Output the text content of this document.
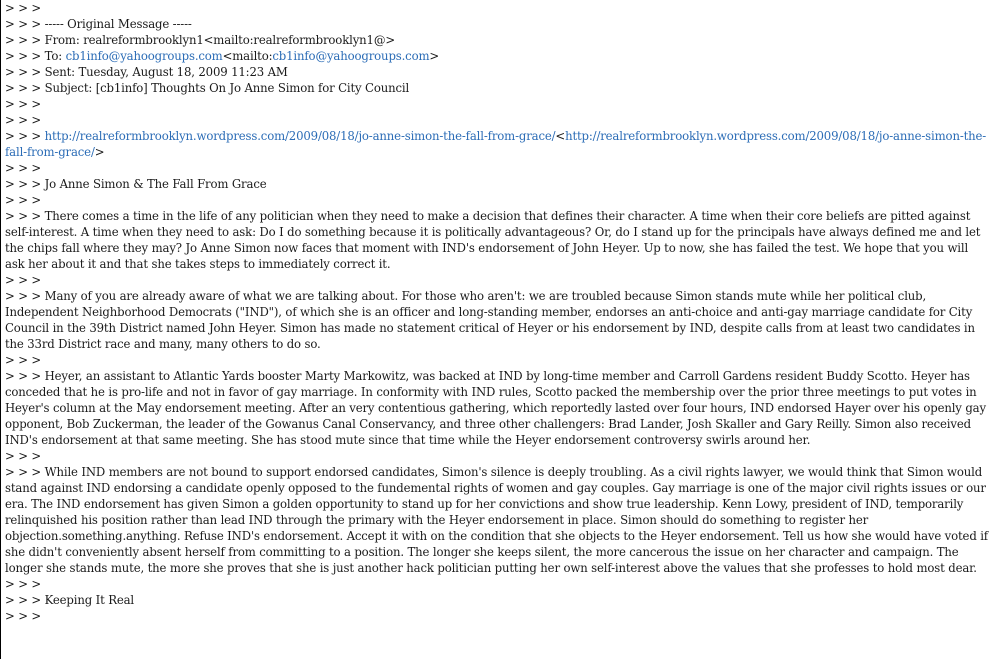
> > >

> > > ----- Original Message -----

> > > From: realreformbrooklyn1<mailto:realreformbrooklyn1@>

> > > To: cb1info@yahoogroups.com<mailto:cb1info@yahoogroups.com>

> > > Sent: Tuesday, August 18, 2009 11:23 AM

> > > Subject: [cb1info] Thoughts On Jo Anne Simon for City Council

> > >

> > >

> > > http://realreformbrooklyn.wordpress.com/2009/08/18/jo-anne-simon-the-fall-from-grace/<http://realreformbrooklyn.wordpress.com/2009/08/18/jo-anne-simon-the-fall-from-grace/>

> > >

> > > Jo Anne Simon & The Fall From Grace

> > >

> > > There comes a time in the life of any politician when they need to make a decision that defines their character. A time when their core beliefs are pitted against self-interest. A time when they need to ask: Do I do something because it is politically advantageous? Or, do I stand up for the principals have always defined me and let the chips fall where they may? Jo Anne Simon now faces that moment with IND's endorsement of John Heyer. Up to now, she has failed the test. We hope that you will ask her about it and that she takes steps to immediately correct it.

> > >

> > > Many of you are already aware of what we are talking about. For those who aren't: we are troubled because Simon stands mute while her political club, Independent Neighborhood Democrats ("IND"), of which she is an officer and long-standing member, endorses an anti-choice and anti-gay marriage candidate for City Council in the 39th District named John Heyer. Simon has made no statement critical of Heyer or his endorsement by IND, despite calls from at least two candidates in the 33rd District race and many, many others to do so.

> > >

> > > Heyer, an assistant to Atlantic Yards booster Marty Markowitz, was backed at IND by long-time member and Carroll Gardens resident Buddy Scotto. Heyer has conceded that he is pro-life and not in favor of gay marriage. In conformity with IND rules, Scotto packed the membership over the prior three meetings to put votes in Heyer's column at the May endorsement meeting. After an very contentious gathering, which reportedly lasted over four hours, IND endorsed Hayer over his openly gay opponent, Bob Zuckerman, the leader of the Gowanus Canal Conservancy, and three other challengers: Brad Lander, Josh Skaller and Gary Reilly. Simon also received IND's endorsement at that same meeting. She has stood mute since that time while the Heyer endorsement controversy swirls around her.

> > >

> > > While IND members are not bound to support endorsed candidates, Simon's silence is deeply troubling. As a civil rights lawyer, we would think that Simon would stand against IND endorsing a candidate openly opposed to the fundemental rights of women and gay couples. Gay marriage is one of the major civil rights issues or our era. The IND endorsement has given Simon a golden opportunity to stand up for her convictions and show true leadership. Kenn Lowy, president of IND, temporarily relinquished his position rather than lead IND through the primary with the Heyer endorsement in place. Simon should do something to register her objection.something.anything. Refuse IND's endorsement. Accept it with on the condition that she objects to the Heyer endorsement. Tell us how she would have voted if she didn't conveniently absent herself from committing to a position. The longer she keeps silent, the more cancerous the issue on her character and campaign. The longer she stands mute, the more she proves that she is just another hack politician putting her own self-interest above the values that she professes to hold most dear.

> > >

> > > Keeping It Real

> > >
